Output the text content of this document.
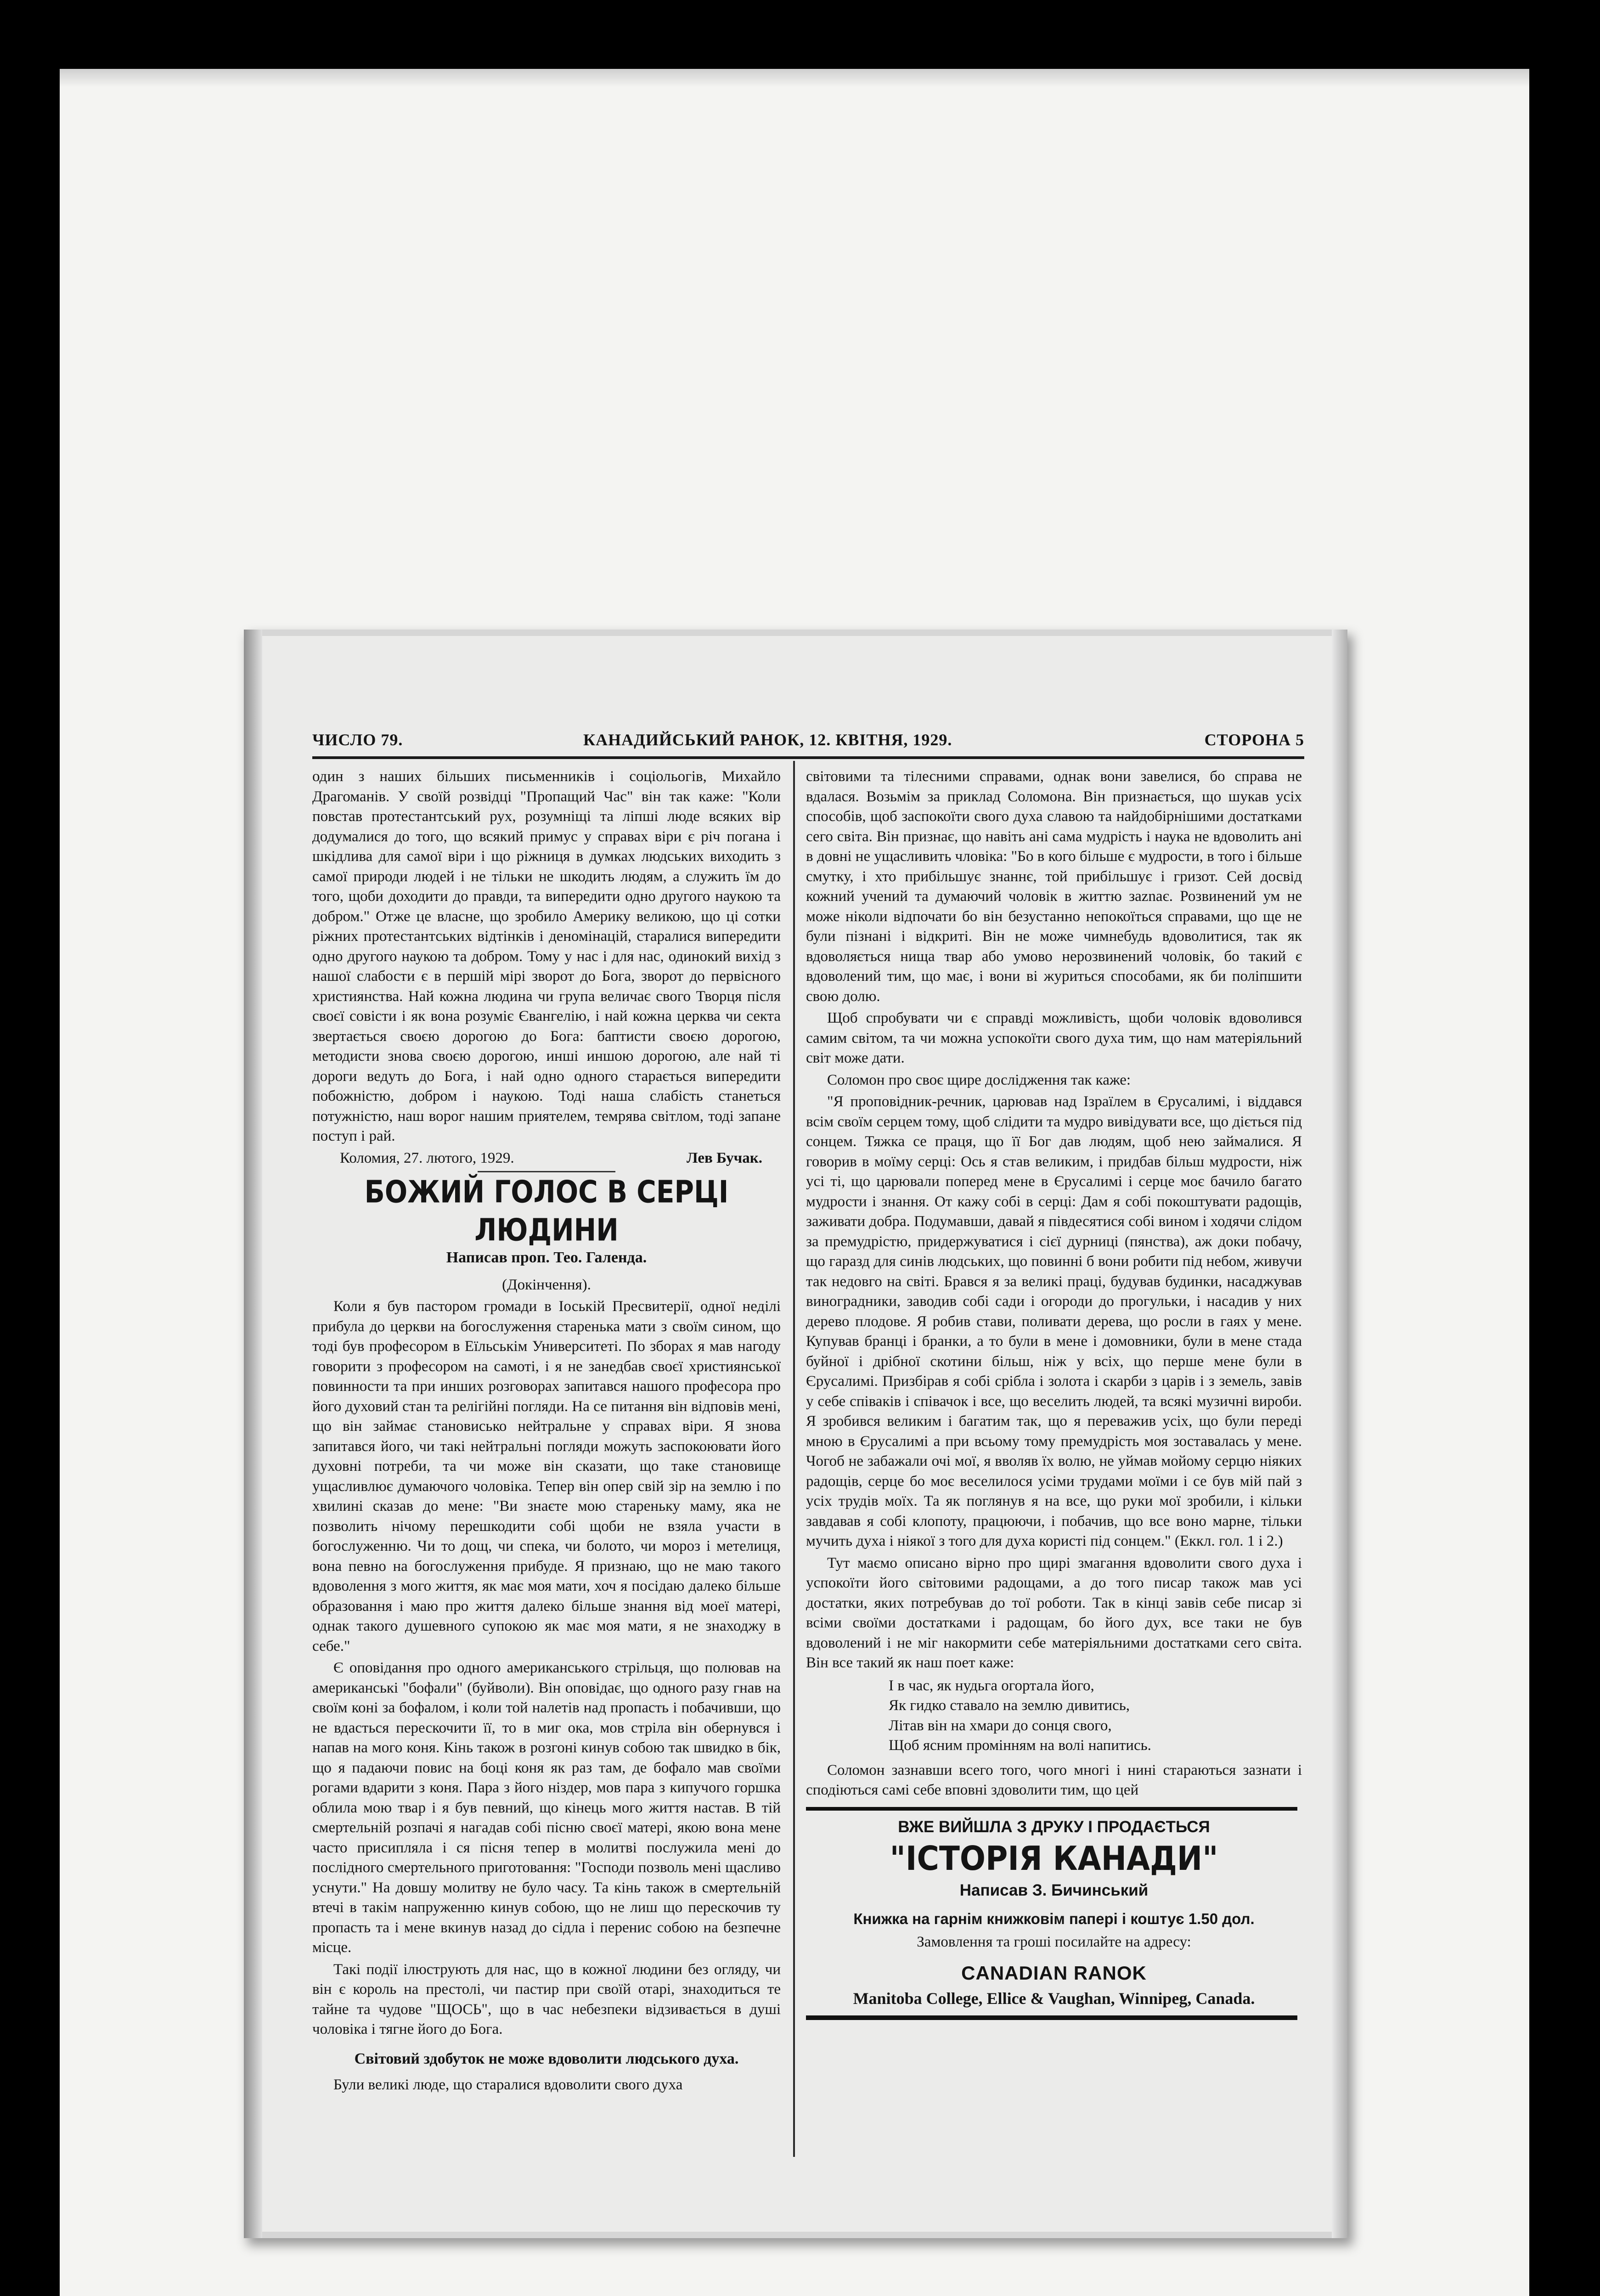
ЧИСЛО 79.	КАНАДИЙСЬКИЙ РАНОК, 12. КВІТНЯ, 1929.	СТОРОНА 5

один з наших більших письменників і соціольогів, Михайло Драгоманів. У своїй розвідці "Пропащий Час" він так каже: "Коли повстав протестантський рух, розумніщі та ліпші люде всяких вір додумалися до того, що всякий примус у справах віри є річ погана і шкідлива для самої віри і що ріжниця в думках людських виходить з самої природи людей і не тільки не шкодить людям, а служить їм до того, щоби доходити до правди, та випередити одно другого наукою та добром." Отже це власне, що зробило Америку великою, що ці сотки ріжних протестантських відтінків і деномінацій, старалися випередити одно другого наукою та добром. Тому у нас і для нас, одинокий вихід з нашої слабости є в першій мірі зворот до Бога, зворот до первісного християнства. Най кожна людина чи група величає свого Творця після своєї совісти і як вона розуміє Євангелію, і най кожна церква чи секта звертається своєю дорогою до Бога: баптисти своєю дорогою, методисти знова своєю дорогою, инші иншою дорогою, але най ті дороги ведуть до Бога, і най одно одного старається випередити побожністю, добром і наукою. Тоді наша слабість станеться потужністю, наш ворог нашим приятелем, темрява світлом, тоді запане поступ і рай.

Коломия, 27. лютого, 1929.	Лев Бучак.
БОЖИЙ ГОЛОС В СЕРЦІ ЛЮДИНИ
Написав проп. Тео. Галенда.
(Докінчення).

Коли я був пастором громади в Іоській Пресвитерії, одної неділі прибула до церкви на богослуження старенька мати з своїм сином, що тоді був професором в Еїльськім Университеті. По зборах я мав нагоду говорити з професором на самоті, і я не занедбав своєї християнської повинности та при инших розговорах запитався нашого професора про його духовий стан та релігійні погляди. На се питання він відповів мені, що він займає становисько нейтральне у справах віри. Я знова запитався його, чи такі нейтральні погляди можуть заспокоювати його духовні потреби, та чи може він сказати, що таке становище ущасливлює думаючого чоловіка. Тепер він опер свій зір на землю і по хвилині сказав до мене: "Ви знаєте мою стареньку маму, яка не позволить нічому перешкодити собі щоби не взяла участи в богослуженню. Чи то дощ, чи спека, чи болото, чи мороз і метелиця, вона певно на богослуження прибуде. Я признаю, що не маю такого вдоволення з мого життя, як має моя мати, хоч я посідаю далеко більше образовання і маю про життя далеко більше знання від моеї матері, однак такого душевного супокою як має моя мати, я не знаходжу в себе."

Є оповідання про одного американського стрільця, що полював на американські "бофали" (буйволи). Він оповідає, що одного разу гнав на своїм коні за бофалом, і коли той налетів над пропасть і побачивши, що не вдасться перескочити її, то в миг ока, мов стріла він обернувся і напав на мого коня. Кінь також в розгоні кинув собою так швидко в бік, що я падаючи повис на боці коня як раз там, де бофало мав своїми рогами вдарити з коня. Пара з його ніздер, мов пара з кипучого горшка облила мою твар і я був певний, що кінець мого життя настав. В тій смертельній розпачі я нагадав собі пісню своєї матері, якою вона мене часто присипляла і ся пісня тепер в молитві послужила мені до послідного смертельного приготовання: "Господи позволь мені щасливо уснути." На довшу молитву не було часу. Та кінь також в смертельній втечі в такім напруженню кинув собою, що не лиш що перескочив ту пропасть та і мене вкинув назад до сідла і перенис собою на безпечне місце.

Такі події ілюструють для нас, що в кожної людини без огляду, чи він є король на престолі, чи пастир при своїй отарі, знаходиться те тайне та чудове "ЩОСЬ", що в час небезпеки відзивається в душі чоловіка і тягне його до Бога.

Світовий здобуток не може вдоволити людського духа.

Були великі люде, що старалися вдоволити свого духа

світовими та тілесними справами, однак вони завелися, бо справа не вдалася. Возьмім за приклад Соломона. Він признається, що шукав усіх способів, щоб заспокоїти свого духа славою та найдобірнішими достатками сего світа. Він признає, що навіть ані сама мудрість і наука не вдоволить ані в довні не ущасливить чловіка: "Бо в кого більше є мудрости, в того і більше смутку, і хто прибільшує знаннє, той прибільшує і гризот. Сей досвід кожний учений та думаючий чоловік в життю заznає. Розвинений ум не може ніколи відпочати бо він безустанно непокоїться справами, що ще не були пізнані і відкриті. Він не може чимнебудь вдоволитися, так як вдоволяється нища твар або умово нерозвинений чоловік, бо такий є вдоволений тим, що має, і вони ві журиться способами, як би поліпшити свою долю.

Щоб спробувати чи є справді можливість, щоби чоловік вдоволився самим світом, та чи можна успокоїти свого духа тим, що нам матеріяльний світ може дати.

Соломон про своє щире дослідження так каже:

"Я проповідник-речник, царював над Ізраїлем в Єрусалимі, і віддався всім своїм серцем тому, щоб слідити та мудро вивідувати все, що діється під сонцем. Тяжка се праця, що її Бог дав людям, щоб нею займалися. Я говорив в моїму серці: Ось я став великим, і придбав більш мудрости, ніж усі ті, що царювали поперед мене в Єрусалимі і серце моє бачило багато мудрости і знання. От кажу собі в серці: Дам я собі покоштувати радощів, заживати добра. Подумавши, давай я півдесятися собі вином і ходячи слідом за премудрістю, придержуватися і сієї дурниці (пянства), аж доки побачу, що гаразд для синів людських, що повинні б вони робити під небом, живучи так недовго на світі. Брався я за великі праці, будував будинки, насаджував виноградники, заводив собі сади і огороди до прогульки, і насадив у них дерево плодове. Я робив стави, поливати дерева, що росли в гаях у мене. Купував бранці і бранки, а то були в мене і домовники, були в мене стада буйної і дрібної скотини більш, ніж у всіх, що перше мене були в Єрусалимі. Призбірав я собі срібла і золота і скарби з царів і з земель, завів у себе співаків і співачок і все, що веселить людей, та всякі музичні вироби. Я зробився великим і багатим так, що я переважив усіх, що були переді мною в Єрусалимі а при всьому тому премудрість моя зоставалась у мене. Чогоб не забажали очі мої, я вволяв їх волю, не уймав мойому серцю ніяких радощів, серце бо моє веселилося усіми трудами моїми і се був мій пай з усіх трудів моїх. Та як поглянув я на все, що руки мої зробили, і кільки завдавав я собі клопоту, працюючи, і побачив, що все воно марне, тільки мучить духа і ніякої з того для духа користі під сонцем." (Еккл. гол. 1 і 2.)

Тут маємо описано вірно про щирі змагання вдоволити свого духа і успокоїти його світовими радощами, а до того писар також мав усі достатки, яких потребував до тої роботи. Так в кінці завів себе писар зі всіми своїми достатками і радощам, бо його дух, все таки не був вдоволений і не міг накормити себе матеріяльними достатками сего світа. Він все такий як наш поет каже:

І в час, як нудьга огортала його,
Як гидко ставало на землю дивитись,
Літав він на хмари до сонця свого,
Щоб ясним промінням на волі напитись.

Соломон зазнавши всего того, чого многі і нині стараються зазнати і сподіються самі себе вповні здоволити тим, що цей

ВЖЕ ВИЙШЛА З ДРУКУ І ПРОДАЄТЬСЯ
"ІСТОРІЯ КАНАДИ"
Написав З. Бичинський
Книжка на гарнім книжковім папері і коштує 1.50 дол.
Замовлення та гроші посилайте на адресу:
CANADIAN RANOK
Manitoba College, Ellice & Vaughan, Winnipeg, Canada.
